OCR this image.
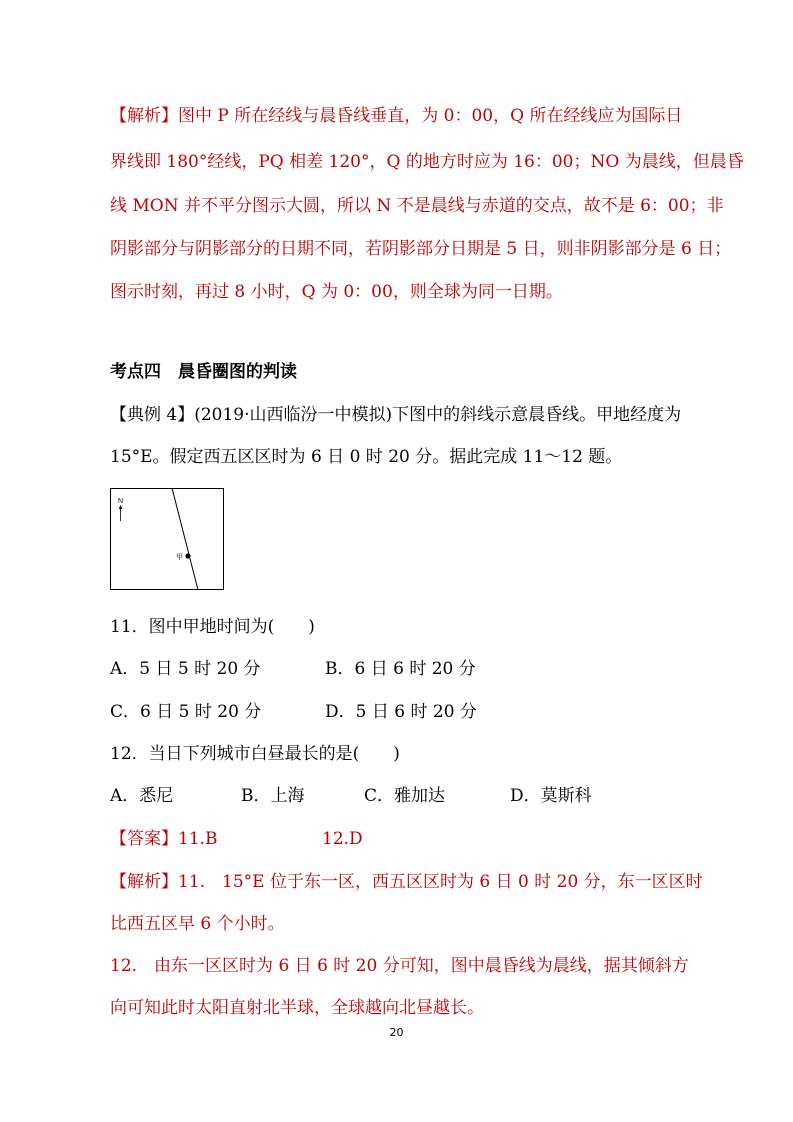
【解析】图中 P 所在经线与晨昏线垂直，为 0：00，Q 所在经线应为国际日
界线即 180°经线，PQ 相差 120°，Q 的地方时应为 16：00；NO 为晨线，但晨昏
线 MON 并不平分图示大圆，所以 N 不是晨线与赤道的交点，故不是 6：00；非
阴影部分与阴影部分的日期不同，若阴影部分日期是 5 日，则非阴影部分是 6 日；
图示时刻，再过 8 小时，Q 为 0：00，则全球为同一日期。
考点四　晨昏圈图的判读
【典例 4】(2019·山西临汾一中模拟)下图中的斜线示意晨昏线。甲地经度为
15°E。假定西五区区时为 6 日 0 时 20 分。据此完成 11～12 题。
N
甲
11．图中甲地时间为(　　)
A．5 日 5 时 20 分	B．6 日 6 时 20 分
C．6 日 5 时 20 分	D．5 日 6 时 20 分
12．当日下列城市白昼最长的是(　　)
A．悉尼	B．上海	C．雅加达	D．莫斯科
【答案】11.B	12.D
【解析】11.　15°E 位于东一区，西五区区时为 6 日 0 时 20 分，东一区区时
比西五区早 6 个小时。
12.　由东一区区时为 6 日 6 时 20 分可知，图中晨昏线为晨线，据其倾斜方
向可知此时太阳直射北半球，全球越向北昼越长。
20
